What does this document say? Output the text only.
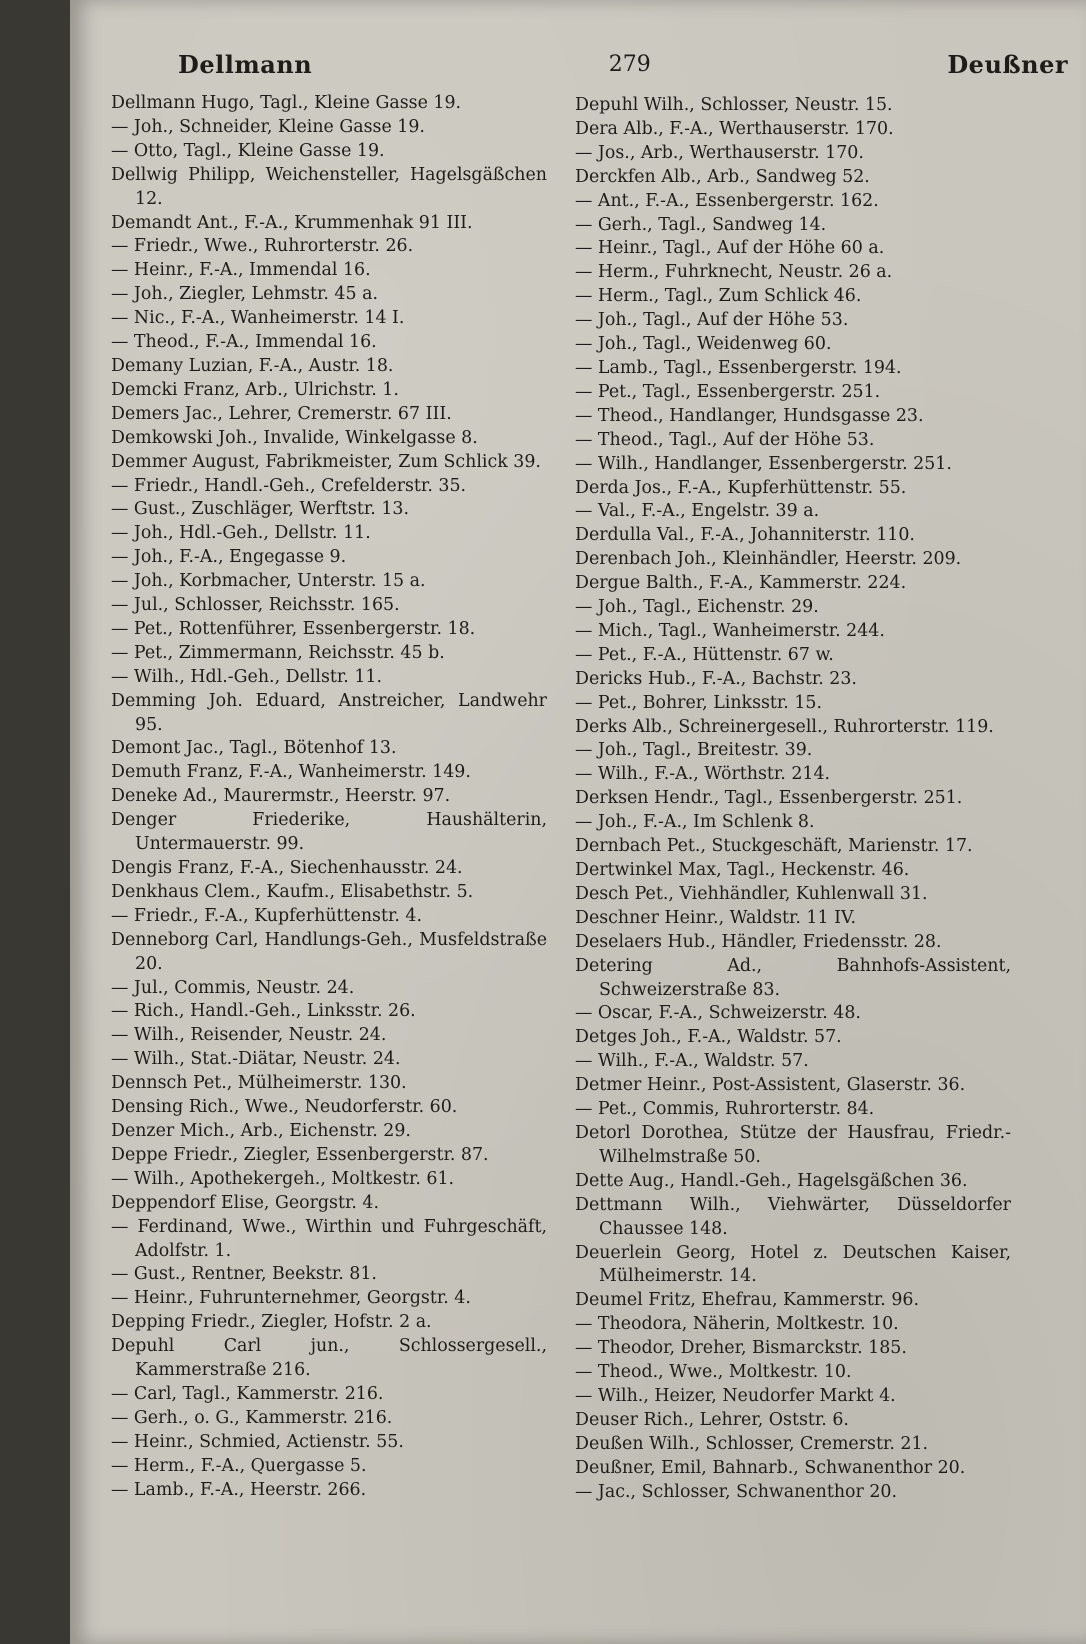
Dellmann	279	Deußner
Dellmann Hugo, Tagl., Kleine Gasse 19.
— Joh., Schneider, Kleine Gasse 19.
— Otto, Tagl., Kleine Gasse 19.
Dellwig Philipp, Weichensteller, Hagelsgäßchen 12.
Demandt Ant., F.-A., Krummenhak 91 III.
— Friedr., Wwe., Ruhrorterstr. 26.
— Heinr., F.-A., Immendal 16.
— Joh., Ziegler, Lehmstr. 45 a.
— Nic., F.-A., Wanheimerstr. 14 I.
— Theod., F.-A., Immendal 16.
Demany Luzian, F.-A., Austr. 18.
Demcki Franz, Arb., Ulrichstr. 1.
Demers Jac., Lehrer, Cremerstr. 67 III.
Demkowski Joh., Invalide, Winkelgasse 8.
Demmer August, Fabrikmeister, Zum Schlick 39.
— Friedr., Handl.-Geh., Crefelderstr. 35.
— Gust., Zuschläger, Werftstr. 13.
— Joh., Hdl.-Geh., Dellstr. 11.
— Joh., F.-A., Engegasse 9.
— Joh., Korbmacher, Unterstr. 15 a.
— Jul., Schlosser, Reichsstr. 165.
— Pet., Rottenführer, Essenbergerstr. 18.
— Pet., Zimmermann, Reichsstr. 45 b.
— Wilh., Hdl.-Geh., Dellstr. 11.
Demming Joh. Eduard, Anstreicher, Landwehr 95.
Demont Jac., Tagl., Bötenhof 13.
Demuth Franz, F.-A., Wanheimerstr. 149.
Deneke Ad., Maurermstr., Heerstr. 97.
Denger Friederike, Haushälterin, Untermauerstr. 99.
Dengis Franz, F.-A., Siechenhausstr. 24.
Denkhaus Clem., Kaufm., Elisabethstr. 5.
— Friedr., F.-A., Kupferhüttenstr. 4.
Denneborg Carl, Handlungs-Geh., Musfeldstraße 20.
— Jul., Commis, Neustr. 24.
— Rich., Handl.-Geh., Linksstr. 26.
— Wilh., Reisender, Neustr. 24.
— Wilh., Stat.-Diätar, Neustr. 24.
Dennsch Pet., Mülheimerstr. 130.
Densing Rich., Wwe., Neudorferstr. 60.
Denzer Mich., Arb., Eichenstr. 29.
Deppe Friedr., Ziegler, Essenbergerstr. 87.
— Wilh., Apothekergeh., Moltkestr. 61.
Deppendorf Elise, Georgstr. 4.
— Ferdinand, Wwe., Wirthin und Fuhrgeschäft, Adolfstr. 1.
— Gust., Rentner, Beekstr. 81.
— Heinr., Fuhrunternehmer, Georgstr. 4.
Depping Friedr., Ziegler, Hofstr. 2 a.
Depuhl Carl jun., Schlossergesell., Kammerstraße 216.
— Carl, Tagl., Kammerstr. 216.
— Gerh., o. G., Kammerstr. 216.
— Heinr., Schmied, Actienstr. 55.
— Herm., F.-A., Quergasse 5.
— Lamb., F.-A., Heerstr. 266.
Depuhl Wilh., Schlosser, Neustr. 15.
Dera Alb., F.-A., Werthauserstr. 170.
— Jos., Arb., Werthauserstr. 170.
Derckfen Alb., Arb., Sandweg 52.
— Ant., F.-A., Essenbergerstr. 162.
— Gerh., Tagl., Sandweg 14.
— Heinr., Tagl., Auf der Höhe 60 a.
— Herm., Fuhrknecht, Neustr. 26 a.
— Herm., Tagl., Zum Schlick 46.
— Joh., Tagl., Auf der Höhe 53.
— Joh., Tagl., Weidenweg 60.
— Lamb., Tagl., Essenbergerstr. 194.
— Pet., Tagl., Essenbergerstr. 251.
— Theod., Handlanger, Hundsgasse 23.
— Theod., Tagl., Auf der Höhe 53.
— Wilh., Handlanger, Essenbergerstr. 251.
Derda Jos., F.-A., Kupferhüttenstr. 55.
— Val., F.-A., Engelstr. 39 a.
Derdulla Val., F.-A., Johanniterstr. 110.
Derenbach Joh., Kleinhändler, Heerstr. 209.
Dergue Balth., F.-A., Kammerstr. 224.
— Joh., Tagl., Eichenstr. 29.
— Mich., Tagl., Wanheimerstr. 244.
— Pet., F.-A., Hüttenstr. 67 w.
Dericks Hub., F.-A., Bachstr. 23.
— Pet., Bohrer, Linksstr. 15.
Derks Alb., Schreinergesell., Ruhrorterstr. 119.
— Joh., Tagl., Breitestr. 39.
— Wilh., F.-A., Wörthstr. 214.
Derksen Hendr., Tagl., Essenbergerstr. 251.
— Joh., F.-A., Im Schlenk 8.
Dernbach Pet., Stuckgeschäft, Marienstr. 17.
Dertwinkel Max, Tagl., Heckenstr. 46.
Desch Pet., Viehhändler, Kuhlenwall 31.
Deschner Heinr., Waldstr. 11 IV.
Deselaers Hub., Händler, Friedensstr. 28.
Detering Ad., Bahnhofs-Assistent, Schweizerstraße 83.
— Oscar, F.-A., Schweizerstr. 48.
Detges Joh., F.-A., Waldstr. 57.
— Wilh., F.-A., Waldstr. 57.
Detmer Heinr., Post-Assistent, Glaserstr. 36.
— Pet., Commis, Ruhrorterstr. 84.
Detorl Dorothea, Stütze der Hausfrau, Friedr.-Wilhelmstraße 50.
Dette Aug., Handl.-Geh., Hagelsgäßchen 36.
Dettmann Wilh., Viehwärter, Düsseldorfer Chaussee 148.
Deuerlein Georg, Hotel z. Deutschen Kaiser, Mülheimerstr. 14.
Deumel Fritz, Ehefrau, Kammerstr. 96.
— Theodora, Näherin, Moltkestr. 10.
— Theodor, Dreher, Bismarckstr. 185.
— Theod., Wwe., Moltkestr. 10.
— Wilh., Heizer, Neudorfer Markt 4.
Deuser Rich., Lehrer, Oststr. 6.
Deußen Wilh., Schlosser, Cremerstr. 21.
Deußner, Emil, Bahnarb., Schwanenthor 20.
— Jac., Schlosser, Schwanenthor 20.
